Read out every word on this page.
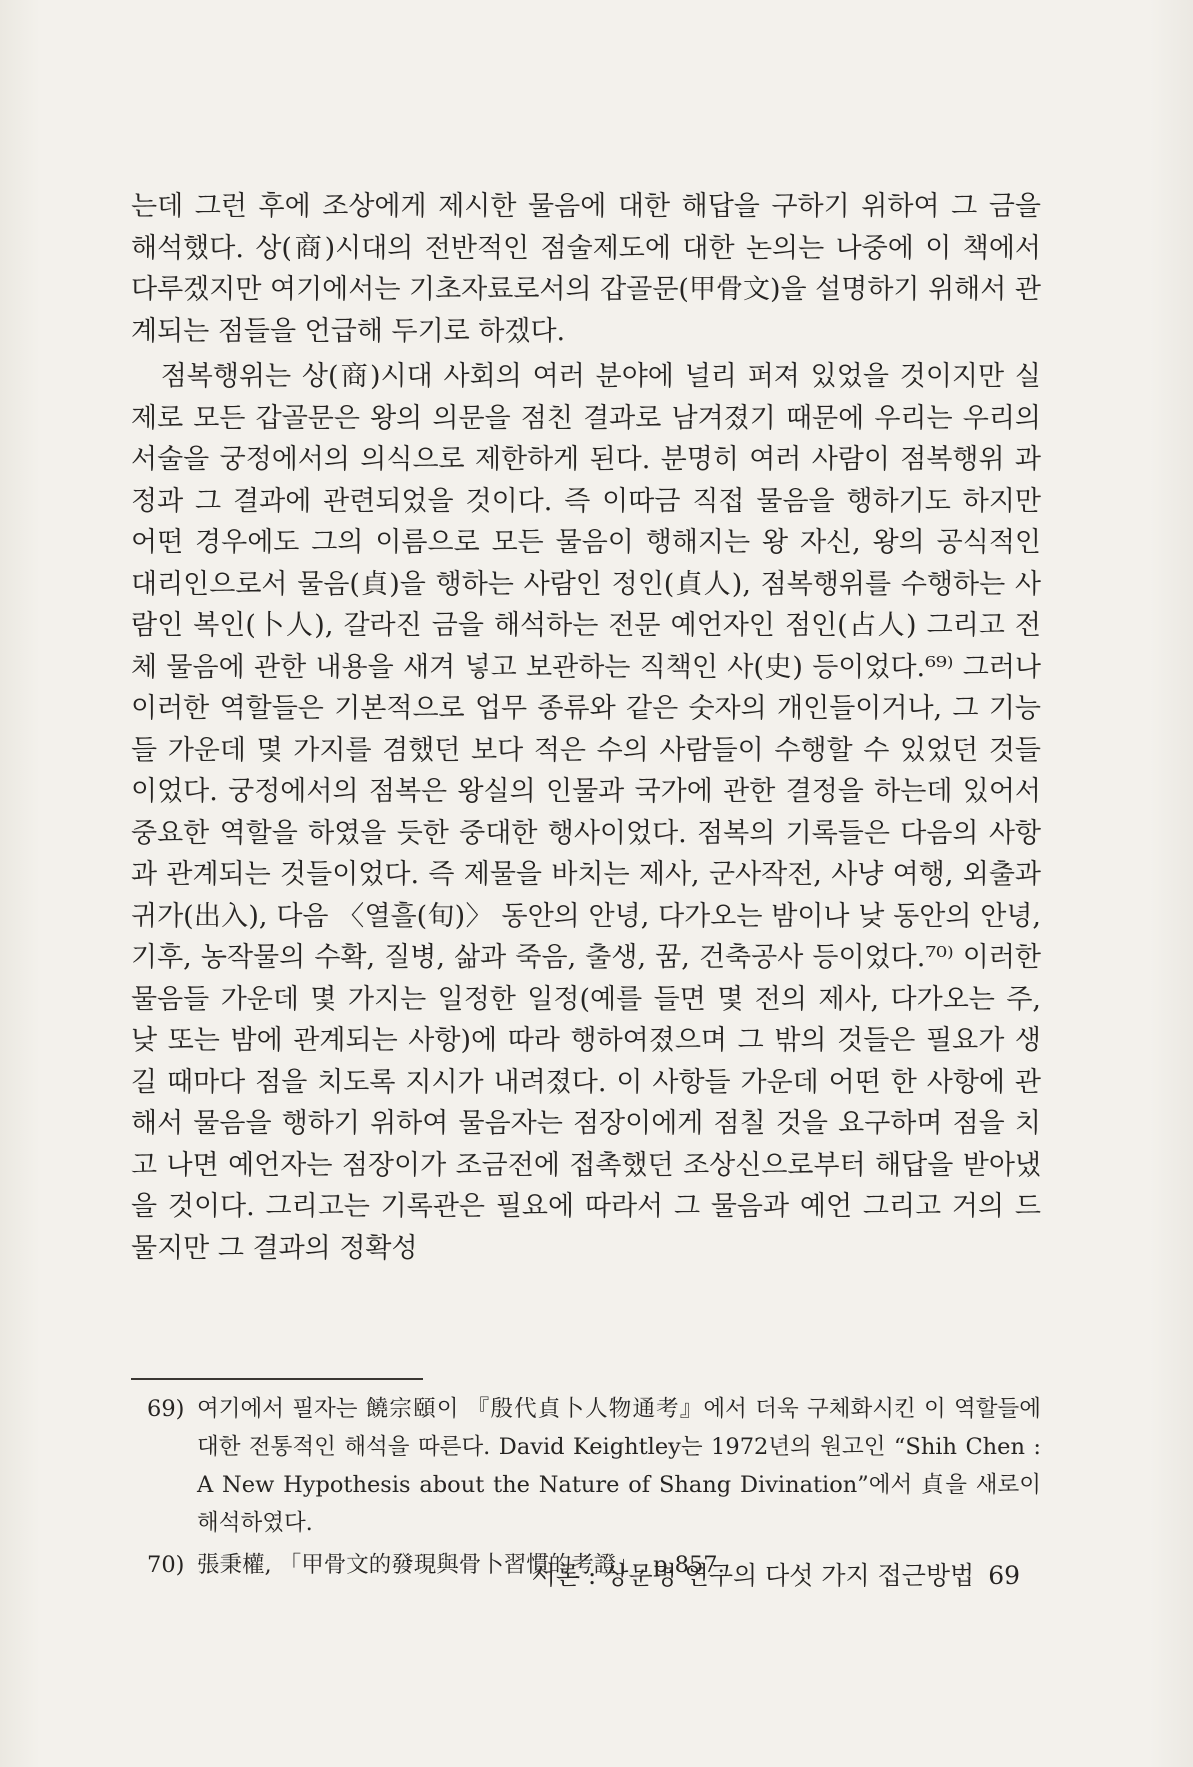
는데 그런 후에 조상에게 제시한 물음에 대한 해답을 구하기 위하여 그 금을 해석했다. 상(商)시대의 전반적인 점술제도에 대한 논의는 나중에 이 책에서 다루겠지만 여기에서는 기초자료로서의 갑골문(甲骨文)을 설명하기 위해서 관계되는 점들을 언급해 두기로 하겠다.

점복행위는 상(商)시대 사회의 여러 분야에 널리 퍼져 있었을 것이지만 실제로 모든 갑골문은 왕의 의문을 점친 결과로 남겨졌기 때문에 우리는 우리의 서술을 궁정에서의 의식으로 제한하게 된다. 분명히 여러 사람이 점복행위 과정과 그 결과에 관련되었을 것이다. 즉 이따금 직접 물음을 행하기도 하지만 어떤 경우에도 그의 이름으로 모든 물음이 행해지는 왕 자신, 왕의 공식적인 대리인으로서 물음(貞)을 행하는 사람인 정인(貞人), 점복행위를 수행하는 사람인 복인(卜人), 갈라진 금을 해석하는 전문 예언자인 점인(占人) 그리고 전체 물음에 관한 내용을 새겨 넣고 보관하는 직책인 사(史) 등이었다.⁶⁹⁾ 그러나 이러한 역할들은 기본적으로 업무 종류와 같은 숫자의 개인들이거나, 그 기능들 가운데 몇 가지를 겸했던 보다 적은 수의 사람들이 수행할 수 있었던 것들이었다. 궁정에서의 점복은 왕실의 인물과 국가에 관한 결정을 하는데 있어서 중요한 역할을 하였을 듯한 중대한 행사이었다. 점복의 기록들은 다음의 사항과 관계되는 것들이었다. 즉 제물을 바치는 제사, 군사작전, 사냥 여행, 외출과 귀가(出入), 다음 〈열흘(旬)〉 동안의 안녕, 다가오는 밤이나 낮 동안의 안녕, 기후, 농작물의 수확, 질병, 삶과 죽음, 출생, 꿈, 건축공사 등이었다.⁷⁰⁾ 이러한 물음들 가운데 몇 가지는 일정한 일정(예를 들면 몇 전의 제사, 다가오는 주, 낮 또는 밤에 관계되는 사항)에 따라 행하여졌으며 그 밖의 것들은 필요가 생길 때마다 점을 치도록 지시가 내려졌다. 이 사항들 가운데 어떤 한 사항에 관해서 물음을 행하기 위하여 물음자는 점장이에게 점칠 것을 요구하며 점을 치고 나면 예언자는 점장이가 조금전에 접촉했던 조상신으로부터 해답을 받아냈을 것이다. 그리고는 기록관은 필요에 따라서 그 물음과 예언 그리고 거의 드물지만 그 결과의 정확성

69) 여기에서 필자는 饒宗頤이 『殷代貞卜人物通考』에서 더욱 구체화시킨 이 역할들에 대한 전통적인 해석을 따른다. David Keightley는 1972년의 원고인 “Shih Chen : A New Hypothesis about the Nature of Shang Divination”에서 貞을 새로이 해석하였다.
70) 張秉權, 「甲骨文的發現與骨卜習慣的考證」, p.857.
서론 : 상문명 연구의 다섯 가지 접근방법 69
